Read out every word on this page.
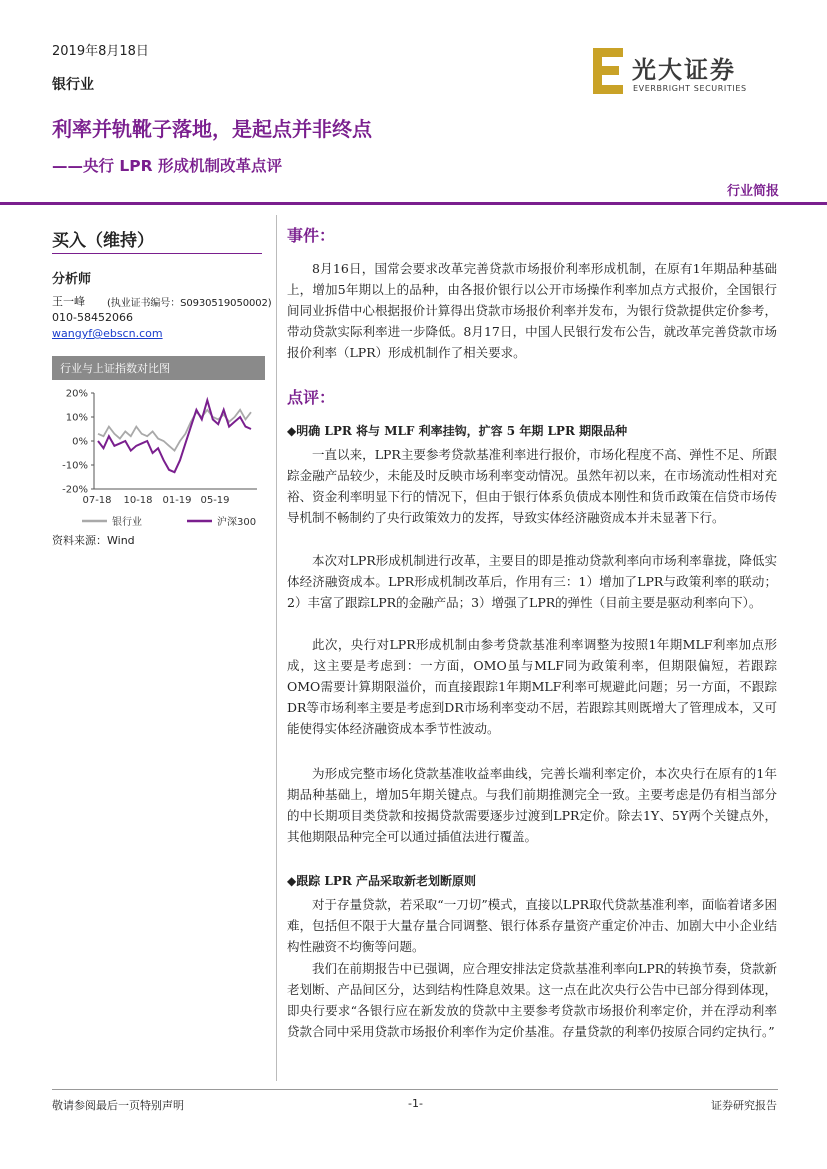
2019年8月18日
银行业
利率并轨靴子落地，是起点并非终点
——央行 LPR 形成机制改革点评
行业简报
光大证券
EVERBRIGHT SECURITIES
买入（维持）
分析师
王一峰 (执业证书编号：S0930519050002)
010-58452066
wangyf@ebscn.com
行业与上证指数对比图
20%
10%
0%
-10%
-20%
07-18 10-18 01-19 05-19
银行业	沪深300
资料来源：Wind
事件：

8月16日，国常会要求改革完善贷款市场报价利率形成机制，在原有1年期品种基础上，增加5年期以上的品种，由各报价银行以公开市场操作利率加点方式报价，全国银行间同业拆借中心根据报价计算得出贷款市场报价利率并发布，为银行贷款提供定价参考，带动贷款实际利率进一步降低。8月17日，中国人民银行发布公告，就改革完善贷款市场报价利率（LPR）形成机制作了相关要求。

点评：
◆明确 LPR 将与 MLF 利率挂钩，扩容 5 年期 LPR 期限品种

一直以来，LPR主要参考贷款基准利率进行报价，市场化程度不高、弹性不足、所跟踪金融产品较少，未能及时反映市场利率变动情况。虽然年初以来，在市场流动性相对充裕、资金利率明显下行的情况下，但由于银行体系负债成本刚性和货币政策在信贷市场传导机制不畅制约了央行政策效力的发挥，导致实体经济融资成本并未显著下行。

本次对LPR形成机制进行改革，主要目的即是推动贷款利率向市场利率靠拢，降低实体经济融资成本。LPR形成机制改革后，作用有三：1）增加了LPR与政策利率的联动；2）丰富了跟踪LPR的金融产品；3）增强了LPR的弹性（目前主要是驱动利率向下）。

此次，央行对LPR形成机制由参考贷款基准利率调整为按照1年期MLF利率加点形成，这主要是考虑到：一方面，OMO虽与MLF同为政策利率，但期限偏短，若跟踪OMO需要计算期限溢价，而直接跟踪1年期MLF利率可规避此问题；另一方面，不跟踪DR等市场利率主要是考虑到DR市场利率变动不居，若跟踪其则既增大了管理成本，又可能使得实体经济融资成本季节性波动。

为形成完整市场化贷款基准收益率曲线，完善长端利率定价，本次央行在原有的1年期品种基础上，增加5年期关键点。与我们前期推测完全一致。主要考虑是仍有相当部分的中长期项目类贷款和按揭贷款需要逐步过渡到LPR定价。除去1Y、5Y两个关键点外，其他期限品种完全可以通过插值法进行覆盖。

◆跟踪 LPR 产品采取新老划断原则

对于存量贷款，若采取“一刀切”模式，直接以LPR取代贷款基准利率，面临着诸多困难，包括但不限于大量存量合同调整、银行体系存量资产重定价冲击、加剧大中小企业结构性融资不均衡等问题。

我们在前期报告中已强调，应合理安排法定贷款基准利率向LPR的转换节奏，贷款新老划断、产品间区分，达到结构性降息效果。这一点在此次央行公告中已部分得到体现，即央行要求“各银行应在新发放的贷款中主要参考贷款市场报价利率定价，并在浮动利率贷款合同中采用贷款市场报价利率作为定价基准。存量贷款的利率仍按原合同约定执行。”

敬请参阅最后一页特别声明	-1-	证券研究报告
